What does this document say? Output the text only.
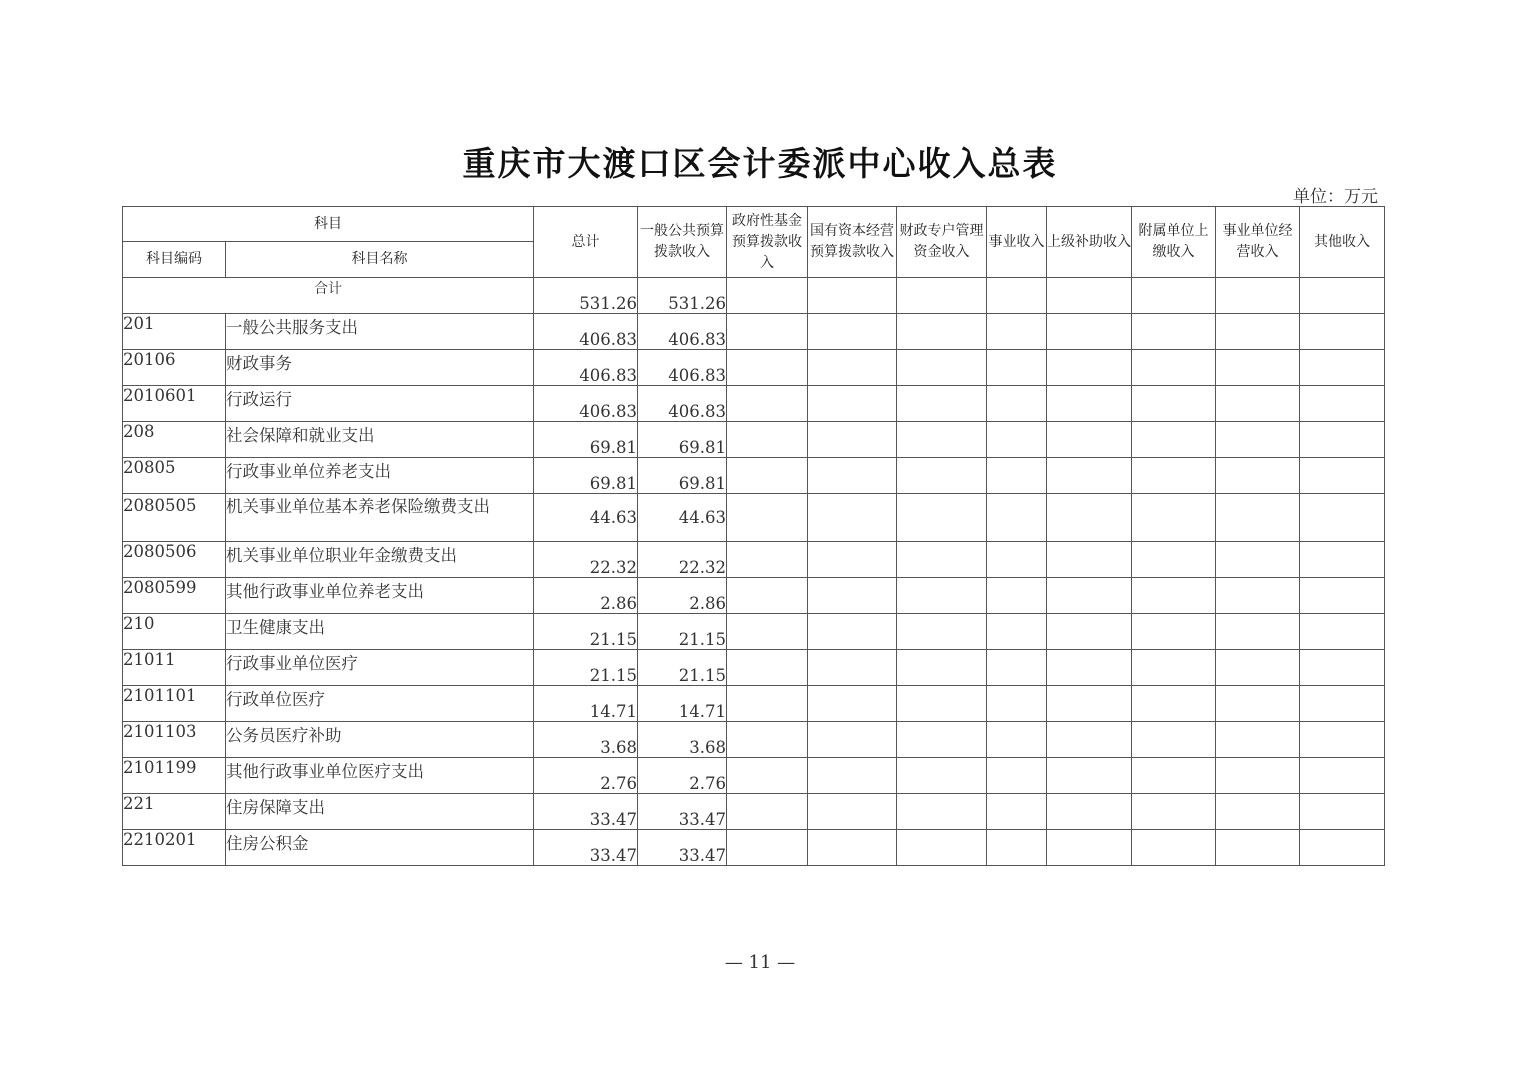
重庆市大渡口区会计委派中心收入总表
单位：万元
科目		总计	一般公共预算拨款收入	政府性基金预算拨款收入	国有资本经营预算拨款收入	财政专户管理资金收入	事业收入	上级补助收入	附属单位上缴收入	事业单位经营收入	其他收入
科目编码	科目名称										
合计		531.26	531.26								
201	一般公共服务支出	406.83	406.83								
20106	财政事务	406.83	406.83								
2010601	行政运行	406.83	406.83								
208	社会保障和就业支出	69.81	69.81								
20805	行政事业单位养老支出	69.81	69.81								
2080505	机关事业单位基本养老保险缴费支出	44.63	44.63								
2080506	机关事业单位职业年金缴费支出	22.32	22.32								
2080599	其他行政事业单位养老支出	2.86	2.86								
210	卫生健康支出	21.15	21.15								
21011	行政事业单位医疗	21.15	21.15								
2101101	行政单位医疗	14.71	14.71								
2101103	公务员医疗补助	3.68	3.68								
2101199	其他行政事业单位医疗支出	2.76	2.76								
221	住房保障支出	33.47	33.47								
2210201	住房公积金	33.47	33.47								
— 11 —
